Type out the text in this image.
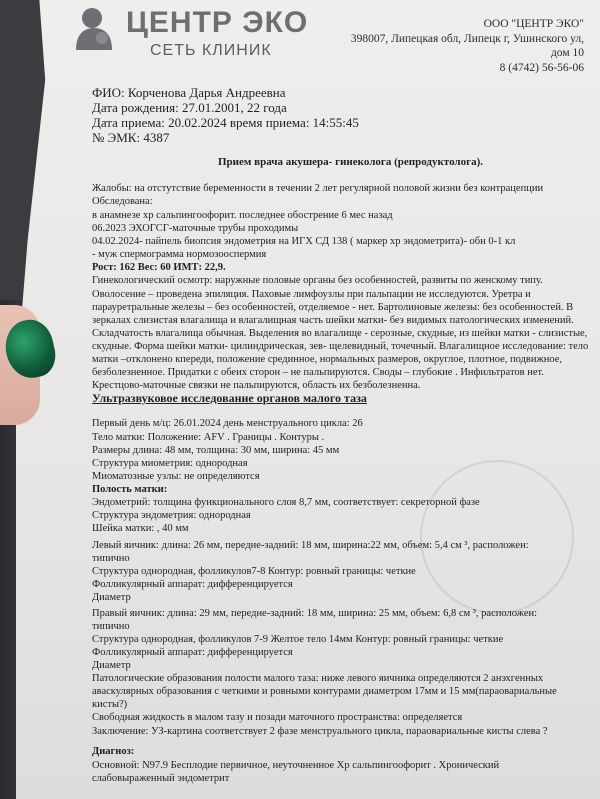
ЦЕНТР ЭКО
СЕТЬ КЛИНИК
ООО "ЦЕНТР ЭКО"
398007, Липецкая обл, Липецк г, Ушинского ул,
дом 10
8 (4742) 56-56-06
ФИО: Корченова Дарья Андреевна
Дата рождения: 27.01.2001, 22 года
Дата приема: 20.02.2024 время приема: 14:55:45
№ ЭМК: 4387
Прием врача акушера- гинеколога (репродуктолога).
Жалобы: на отстутствие беременности в течении 2 лет регулярной половой жизни без контрацепции
Обследована:
в анамнезе хр сальпингоофорит. последнее обострение 6 мес назад
06.2023 ЭХОГСГ-маточные трубы проходимы
04.02.2024- пайпель биопсия эндометрия на ИГХ СД 138 ( маркер хр эндометрита)- обн 0-1 кл
- муж спермограмма нормозооспермия
Рост: 162 Вес: 60 ИМТ: 22,9.
Гинекологический осмотр: наружные половые органы без особенностей, развиты по женскому типу.
Оволосение – проведена эпиляция. Паховые лимфоузлы при пальпации не исследуются. Уретра и
парауретральные железы – без особенностей, отделяемое - нет. Бартолиновые железы: без особенностей. В
зеркалах слизистая влагалища и влагалищная часть шейки матки- без видимых патологических изменений.
Складчатость влагалища обычная. Выделения во влагалище - серозные, скудные, из шейки матки - слизистые,
скудные. Форма шейки матки- цилиндрическая, зев- щелевидный, точечный. Влагалищное исследование: тело
матки –отклонено кпереди, положение срединное, нормальных размеров, округлое, плотное, подвижное,
безболезненное. Придатки с обеих сторон – не пальпируются. Своды – глубокие . Инфильтратов нет.
Крестцово-маточные связки не пальпируются, область их безболезненна.
Ультразвуковое исследование органов малого таза
Первый день м/ц: 26.01.2024 день менструального цикла: 26
Тело матки: Положение: AFV . Границы . Контуры .
Размеры длина: 48 мм, толщина: 30 мм, ширина: 45 мм
Структура миометрия: однородная
Миоматозные узлы: не определяются
Полость матки:
Эндометрий: толщина функционального слоя 8,7 мм, соответствует: секреторной фазе
Структура эндометрия: однородная
Шейка матки: , 40 мм
Левый яичник: длина: 26 мм, передне-задний: 18 мм, ширина:22 мм, объем: 5,4 см ³, расположен:
типично
Структура однородная, фолликулов7-8 Контур: ровный границы: четкие
Фолликулярный аппарат: дифференцируется
Диаметр
Правый яичник: длина: 29 мм, передне-задний: 18 мм, ширина: 25 мм, объем: 6,8 см ³, расположен:
типично
Структура однородная, фолликулов 7-9 Желтое тело 14мм Контур: ровный границы: четкие
Фолликулярный аппарат: дифференцируется
Диаметр
Патологические образования полости малого таза: ниже левого яичника определяются 2 анэхгенных
аваскулярных образования с четкими и ровными контурами диаметром 17мм и 15 мм(параовариальные
кисты?)
Свободная жидкость в малом тазу и позади маточного пространства: определяется
Заключение: УЗ-картина соответствует 2 фазе менструального цикла, параовариальные кисты слева ?
Диагноз:
Основной: N97.9 Бесплодие первичное, неуточненное Хр сальпингоофорит . Хронический
слабовыраженный эндометрит
